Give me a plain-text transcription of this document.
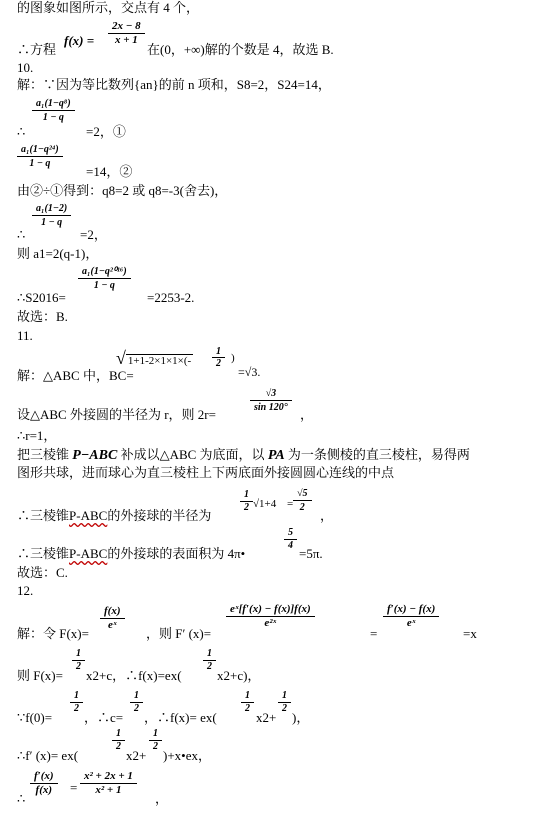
的图象如图所示，交点有 4 个，
∴方程
$f(x) = \frac{2x - 8}{x + 1}$
在(0，+∞)解的个数是 4，故选 B.
10.
解：∵因为等比数列{an}的前 n 项和，S8=2，S24=14，
$\frac{\text{a₁(1−q⁸)}}{1 - q}$
∴	=2，①
$\frac{\text{a₁(1−q²⁴)}}{1 - q}$
=14，②
由②÷①得到：q8=2 或 q8=-3(舍去)，
$\frac{\text{a₁(1−2)}}{1 - q}$
∴	=2，
则 a1=2(q-1)，
$\frac{\text{a₁(1−q²⁰¹⁶)}}{1 - q}$
∴S2016=	=2253-2.
故选：B.
11.
解：△ABC 中，BC=
√ $1+1-2\times 1\times 1\times(- \frac{1}{2}$ )
=√3.
设△ABC 外接圆的半径为 r，则 2r=
$\frac{√3}{\sin 120^\circ}$
，
∴r=1，
把三棱锥 P−ABC 补成以△ABC 为底面，以 PA 为一条侧棱的直三棱柱，易得两
图形共球，进而球心为直三棱柱上下两底面外接圆圆心连线的中点
∴三棱锥P-ABC的外接球的半径为
$\frac{1}{2} √1+4 = \frac{√5}{2}$
，
∴三棱锥P-ABC的外接球的表面积为 4π•
$\frac{5}{4}$
=5π.
故选：C.
12.
解：令 F(x)=
$\frac{f(x)}{\text{eˣ}}$
，则 F′ (x)=
$\frac{\text{eˣ[f′(x) − f(x)]f(x)}}{\text{e²ˣ}}$
=
$\frac{f'(x) - f(x)}{\text{eˣ}}$
=x
则 F(x)=
$\frac{1}{2}$
x2+c，∴f(x)=ex(
$\frac{1}{2}$
x2+c)，
∵f(0)=
$\frac{1}{2}$
，∴c=
$\frac{1}{2}$
，∴f(x)= ex(
$\frac{1}{2}$
x2+
$\frac{1}{2}$
)，
∴f′ (x)= ex(
$\frac{1}{2}$
x2+
$\frac{1}{2}$
)+x•ex，
∴
$\frac{f'(x)}{f(x)} = \frac{\text{x² + 2x + 1}}{\text{x² + 1}}$
，
